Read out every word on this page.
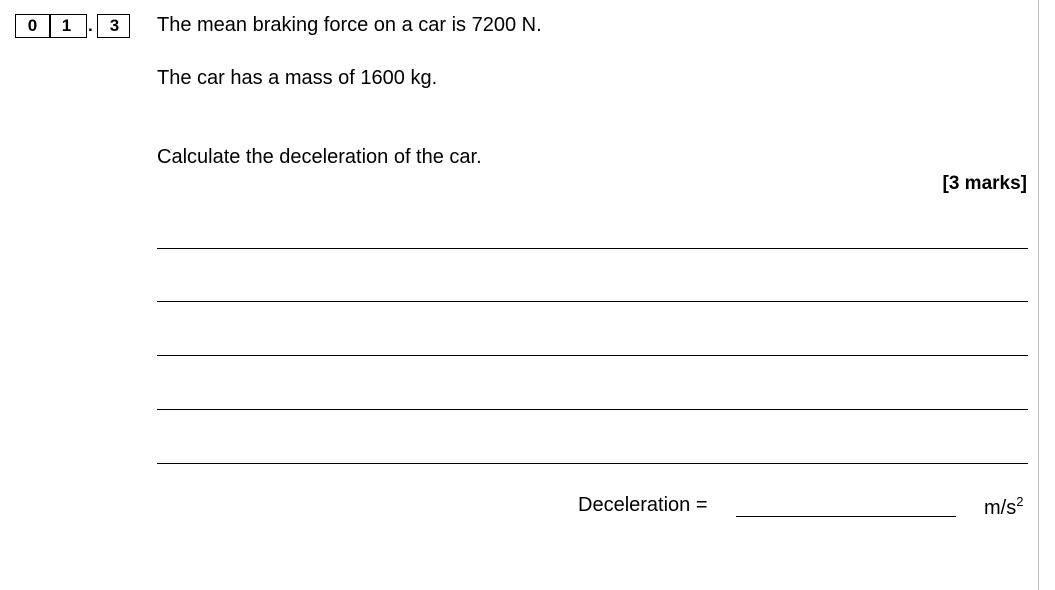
0	1 .	3	The mean braking force on a car is 7200 N.
The car has a mass of 1600 kg.
Calculate the deceleration of the car.
[3 marks]
Deceleration =	$m/s^2$
